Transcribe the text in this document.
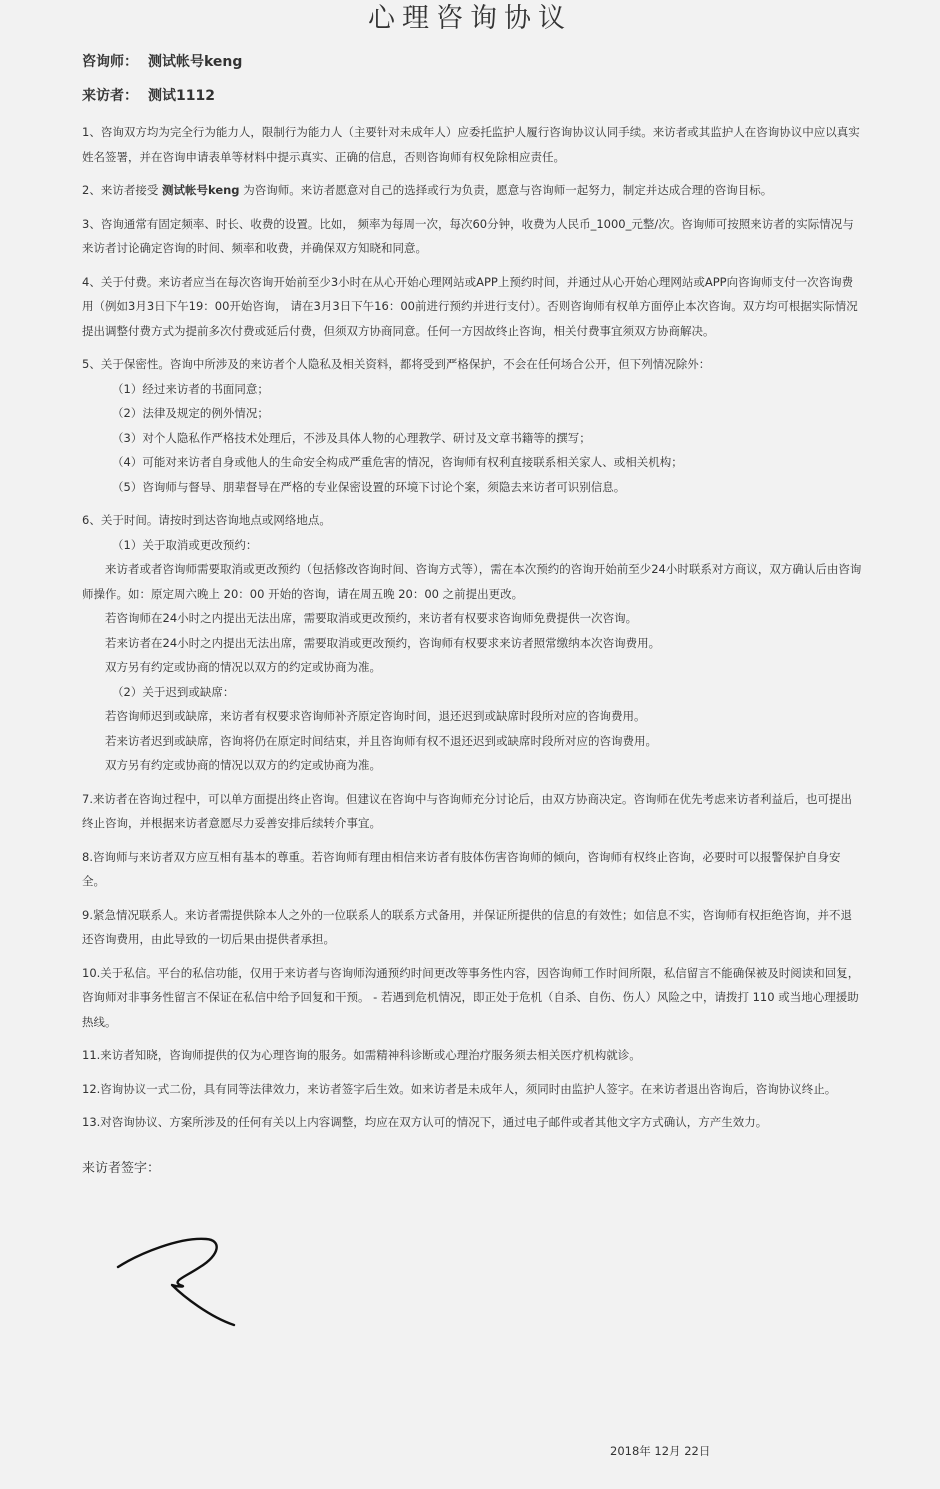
心理咨询协议
咨询师： 测试帐号keng
来访者： 测试1112

1、咨询双方均为完全行为能力人，限制行为能力人（主要针对未成年人）应委托监护人履行咨询协议认同手续。来访者或其监护人在咨询协议中应以真实姓名签署，并在咨询申请表单等材料中提示真实、正确的信息，否则咨询师有权免除相应责任。

2、来访者接受 测试帐号keng 为咨询师。来访者愿意对自己的选择或行为负责，愿意与咨询师一起努力，制定并达成合理的咨询目标。

3、咨询通常有固定频率、时长、收费的设置。比如， 频率为每周一次，每次60分钟，收费为人民币_1000_元整/次。咨询师可按照来访者的实际情况与来访者讨论确定咨询的时间、频率和收费，并确保双方知晓和同意。

4、关于付费。来访者应当在每次咨询开始前至少3小时在从心开始心理网站或APP上预约时间，并通过从心开始心理网站或APP向咨询师支付一次咨询费用（例如3月3日下午19：00开始咨询， 请在3月3日下午16：00前进行预约并进行支付）。否则咨询师有权单方面停止本次咨询。双方均可根据实际情况提出调整付费方式为提前多次付费或延后付费，但须双方协商同意。任何一方因故终止咨询，相关付费事宜须双方协商解决。

5、关于保密性。咨询中所涉及的来访者个人隐私及相关资料，都将受到严格保护，不会在任何场合公开，但下列情况除外：

（1）经过来访者的书面同意；

（2）法律及规定的例外情况；

（3）对个人隐私作严格技术处理后，不涉及具体人物的心理教学、研讨及文章书籍等的撰写；

（4）可能对来访者自身或他人的生命安全构成严重危害的情况，咨询师有权利直接联系相关家人、或相关机构；

（5）咨询师与督导、朋辈督导在严格的专业保密设置的环境下讨论个案，须隐去来访者可识别信息。

6、关于时间。请按时到达咨询地点或网络地点。

（1）关于取消或更改预约：

来访者或者咨询师需要取消或更改预约（包括修改咨询时间、咨询方式等），需在本次预约的咨询开始前至少24小时联系对方商议，双方确认后由咨询师操作。如：原定周六晚上 20：00 开始的咨询，请在周五晚 20：00 之前提出更改。

若咨询师在24小时之内提出无法出席，需要取消或更改预约，来访者有权要求咨询师免费提供一次咨询。

若来访者在24小时之内提出无法出席，需要取消或更改预约，咨询师有权要求来访者照常缴纳本次咨询费用。

双方另有约定或协商的情况以双方的约定或协商为准。

（2）关于迟到或缺席：

若咨询师迟到或缺席，来访者有权要求咨询师补齐原定咨询时间，退还迟到或缺席时段所对应的咨询费用。

若来访者迟到或缺席，咨询将仍在原定时间结束，并且咨询师有权不退还迟到或缺席时段所对应的咨询费用。

双方另有约定或协商的情况以双方的约定或协商为准。

7.来访者在咨询过程中，可以单方面提出终止咨询。但建议在咨询中与咨询师充分讨论后，由双方协商决定。咨询师在优先考虑来访者利益后，也可提出终止咨询，并根据来访者意愿尽力妥善安排后续转介事宜。

8.咨询师与来访者双方应互相有基本的尊重。若咨询师有理由相信来访者有肢体伤害咨询师的倾向，咨询师有权终止咨询，必要时可以报警保护自身安全。

9.紧急情况联系人。来访者需提供除本人之外的一位联系人的联系方式备用，并保证所提供的信息的有效性；如信息不实，咨询师有权拒绝咨询，并不退还咨询费用，由此导致的一切后果由提供者承担。

10.关于私信。平台的私信功能，仅用于来访者与咨询师沟通预约时间更改等事务性内容，因咨询师工作时间所限，私信留言不能确保被及时阅读和回复，咨询师对非事务性留言不保证在私信中给予回复和干预。 - 若遇到危机情况，即正处于危机（自杀、自伤、伤人）风险之中，请拨打 110 或当地心理援助热线。

11.来访者知晓，咨询师提供的仅为心理咨询的服务。如需精神科诊断或心理治疗服务须去相关医疗机构就诊。

12.咨询协议一式二份，具有同等法律效力，来访者签字后生效。如来访者是未成年人，须同时由监护人签字。在来访者退出咨询后，咨询协议终止。

13.对咨询协议、方案所涉及的任何有关以上内容调整，均应在双方认可的情况下，通过电子邮件或者其他文字方式确认，方产生效力。

来访者签字：
2018年 12月 22日
